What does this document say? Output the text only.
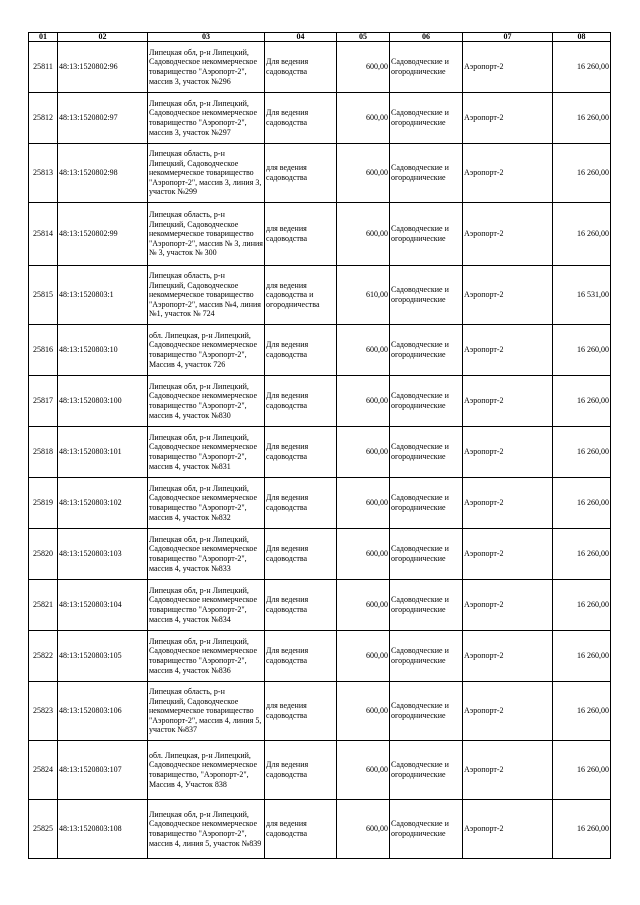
01	02	03	04	05	06	07	08
25811	48:13:1520802:96	Липецкая обл, р-н Липецкий, Садоводческое некоммерческое товарищество "Аэропорт-2", массив 3, участок №296	Для ведения садоводства	600,00	Садоводческие и огороднические	Аэропорт-2	16 260,00
25812	48:13:1520802:97	Липецкая обл, р-н Липецкий, Садоводческое некоммерческое товарищество "Аэропорт-2", массив 3, участок №297	Для ведения садоводства	600,00	Садоводческие и огороднические	Аэропорт-2	16 260,00
25813	48:13:1520802:98	Липецкая область, р-н Липецкий, Садоводческое некоммерческое товарищество "Аэропорт-2", массив 3, линия 3, участок №299	для ведения садоводства	600,00	Садоводческие и огороднические	Аэропорт-2	16 260,00
25814	48:13:1520802:99	Липецкая область, р-н Липецкий, Садоводческое некоммерческое товарищество "Аэропорт-2", массив № 3, линия № 3, участок № 300	для ведения садоводства	600,00	Садоводческие и огороднические	Аэропорт-2	16 260,00
25815	48:13:1520803:1	Липецкая область, р-н Липецкий, Садоводческое некоммерческое товарищество "Аэропорт-2", массив №4, линия №1, участок № 724	для ведения садоводства и огородничества	610,00	Садоводческие и огороднические	Аэропорт-2	16 531,00
25816	48:13:1520803:10	обл. Липецкая, р-н Липецкий, Садоводческое некоммерческое товарищество "Аэропорт-2", Массив 4, участок 726	Для ведения садоводства	600,00	Садоводческие и огороднические	Аэропорт-2	16 260,00
25817	48:13:1520803:100	Липецкая обл, р-н Липецкий, Садоводческое некоммерческое товарищество "Аэропорт-2", массив 4, участок №830	Для ведения садоводства	600,00	Садоводческие и огороднические	Аэропорт-2	16 260,00
25818	48:13:1520803:101	Липецкая обл, р-н Липецкий, Садоводческое некоммерческое товарищество "Аэропорт-2", массив 4, участок №831	Для ведения садоводства	600,00	Садоводческие и огороднические	Аэропорт-2	16 260,00
25819	48:13:1520803:102	Липецкая обл, р-н Липецкий, Садоводческое некоммерческое товарищество "Аэропорт-2", массив 4, участок №832	Для ведения садоводства	600,00	Садоводческие и огороднические	Аэропорт-2	16 260,00
25820	48:13:1520803:103	Липецкая обл, р-н Липецкий, Садоводческое некоммерческое товарищество "Аэропорт-2", массив 4, участок №833	Для ведения садоводства	600,00	Садоводческие и огороднические	Аэропорт-2	16 260,00
25821	48:13:1520803:104	Липецкая обл, р-н Липецкий, Садоводческое некоммерческое товарищество "Аэропорт-2", массив 4, участок №834	Для ведения садоводства	600,00	Садоводческие и огороднические	Аэропорт-2	16 260,00
25822	48:13:1520803:105	Липецкая обл, р-н Липецкий, Садоводческое некоммерческое товарищество "Аэропорт-2", массив 4, участок №836	Для ведения садоводства	600,00	Садоводческие и огороднические	Аэропорт-2	16 260,00
25823	48:13:1520803:106	Липецкая область, р-н Липецкий, Садоводческое некоммерческое товарищество "Аэропорт-2", массив 4, линия 5, участок №837	для ведения садоводства	600,00	Садоводческие и огороднические	Аэропорт-2	16 260,00
25824	48:13:1520803:107	обл. Липецкая, р-н Липецкий, Садоводческое некоммерческое товарищество, "Аэропорт-2", Массив 4, Участок 838	Для ведения садоводства	600,00	Садоводческие и огороднические	Аэропорт-2	16 260,00
25825	48:13:1520803:108	Липецкая обл, р-н Липецкий, Садоводческое некоммерческое товарищество "Аэропорт-2", массив 4, линия 5, участок №839	для ведения садоводства	600,00	Садоводческие и огороднические	Аэропорт-2	16 260,00
